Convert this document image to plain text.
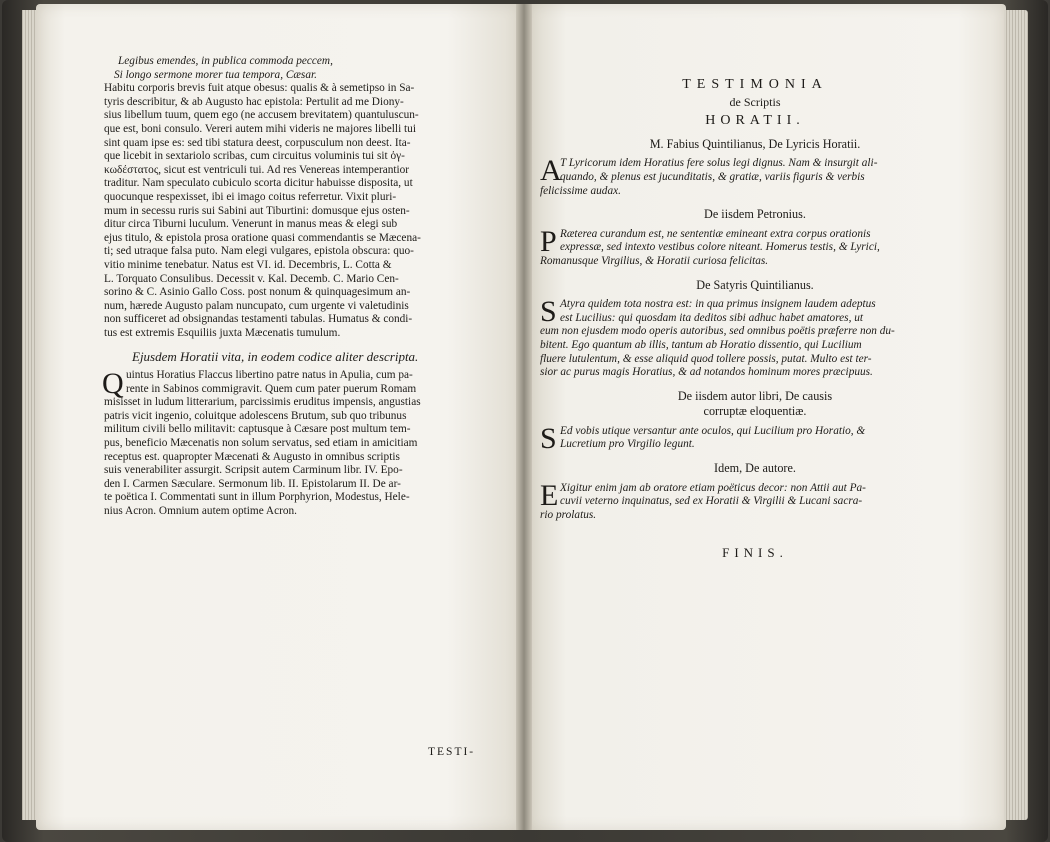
Legibus emendes, in publica commoda peccem,
Si longo sermone morer tua tempora, Cæsar.
Habitu corporis brevis fuit atque obesus: qualis & à semetipso in Sa-
tyris describitur, & ab Augusto hac epistola: Pertulit ad me Diony-
sius libellum tuum, quem ego (ne accusem brevitatem) quantuluscun-
que est, boni consulo. Vereri autem mihi videris ne majores libelli tui
sint quam ipse es: sed tibi statura deest, corpusculum non deest. Ita-
que licebit in sextariolo scribas, cum circuitus voluminis tui sit ὀγ-
κωδέστατος, sicut est ventriculi tui. Ad res Venereas intemperantior
traditur. Nam speculato cubiculo scorta dicitur habuisse disposita, ut
quocunque respexisset, ibi ei imago coitus referretur. Vixit pluri-
mum in secessu ruris sui Sabini aut Tiburtini: domusque ejus osten-
ditur circa Tiburni luculum. Venerunt in manus meas & elegi sub
ejus titulo, & epistola prosa oratione quasi commendantis se Mæcena-
ti; sed utraque falsa puto. Nam elegi vulgares, epistola obscura: quo-
vitio minime tenebatur. Natus est VI. id. Decembris, L. Cotta &
L. Torquato Consulibus. Decessit v. Kal. Decemb. C. Mario Cen-
sorino & C. Asinio Gallo Coss. post nonum & quinquagesimum an-
num, hærede Augusto palam nuncupato, cum urgente vi valetudinis
non sufficeret ad obsignandas testamenti tabulas. Humatus & condi-
tus est extremis Esquiliis juxta Mæcenatis tumulum.
Ejusdem Horatii vita, in eodem codice aliter descripta.
Q uintus Horatius Flaccus libertino patre natus in Apulia, cum pa-
rente in Sabinos commigravit. Quem cum pater puerum Romam
misisset in ludum litterarium, parcissimis eruditus impensis, angustias
patris vicit ingenio, coluitque adolescens Brutum, sub quo tribunus
militum civili bello militavit: captusque à Cæsare post multum tem-
pus, beneficio Mæcenatis non solum servatus, sed etiam in amicitiam
receptus est. quapropter Mæcenati & Augusto in omnibus scriptis
suis venerabiliter assurgit. Scripsit autem Carminum libr. IV. Epo-
den I. Carmen Sæculare. Sermonum lib. II. Epistolarum II. De ar-
te poëtica I. Commentati sunt in illum Porphyrion, Modestus, Hele-
nius Acron. Omnium autem optime Acron.
TESTI-
TESTIMONIA
de Scriptis
HORATII.
M. Fabius Quintilianus, De Lyricis Horatii.
A
T Lyricorum idem Horatius fere solus legi dignus. Nam & insurgit ali-
quando, & plenus est jucunditatis, & gratiæ, variis figuris & verbis
felicissime audax.
De iisdem Petronius.
P Ræterea curandum est, ne sententiæ emineant extra corpus orationis
expressæ, sed intexto vestibus colore niteant. Homerus testis, & Lyrici,
Romanusque Virgilius, & Horatii curiosa felicitas.
De Satyris Quintilianus.
S Atyra quidem tota nostra est: in qua primus insignem laudem adeptus
est Lucilius: qui quosdam ita deditos sibi adhuc habet amatores, ut
eum non ejusdem modo operis autoribus, sed omnibus poëtis præferre non du-
bitent. Ego quantum ab illis, tantum ab Horatio dissentio, qui Lucilium
fluere lutulentum, & esse aliquid quod tollere possis, putat. Multo est ter-
sior ac purus magis Horatius, & ad notandos hominum mores præcipuus.
De iisdem autor libri, De causis
corruptæ eloquentiæ.
S Ed vobis utique versantur ante oculos, qui Lucilium pro Horatio, &
Lucretium pro Virgilio legunt.
Idem, De autore.
E Xigitur enim jam ab oratore etiam poëticus decor: non Attii aut Pa-
cuvii veterno inquinatus, sed ex Horatii & Virgilii & Lucani sacra-
rio prolatus.
FINIS.
